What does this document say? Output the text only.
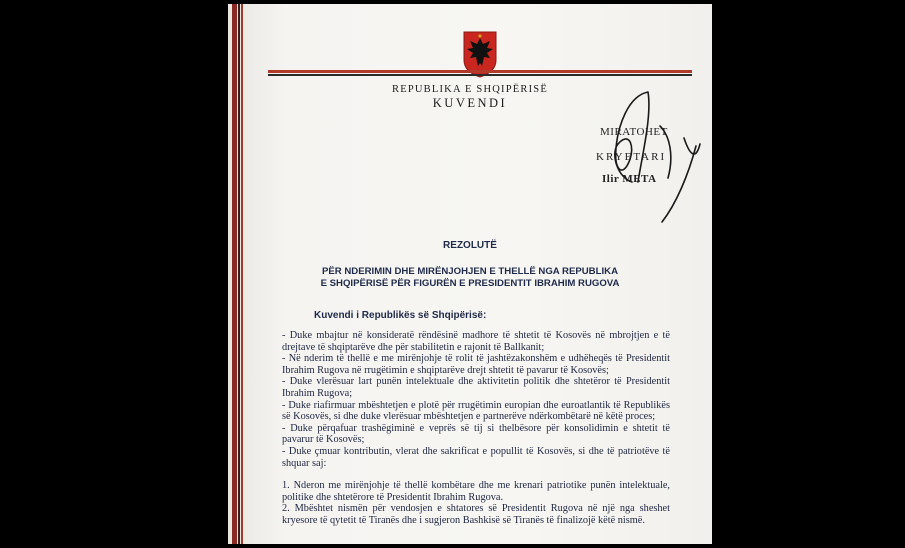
REPUBLIKA E SHQIPËRISË
KUVENDI
MIRATOHET
KRYETARI
Ilir META
REZOLUTË
PËR NDERIMIN DHE MIRËNJOHJEN E THELLË NGA REPUBLIKA
E SHQIPËRISË PËR FIGURËN E PRESIDENTIT IBRAHIM RUGOVA
Kuvendi i Republikës së Shqipërisë:

- Duke mbajtur në konsideratë rëndësinë madhore të shtetit të Kosovës në mbrojtjen e të drejtave të shqiptarëve dhe për stabilitetin e rajonit të Ballkanit;

- Në nderim të thellë e me mirënjohje të rolit të jashtëzakonshëm e udhëheqës të Presidentit Ibrahim Rugova në rrugëtimin e shqiptarëve drejt shtetit të pavarur të Kosovës;

- Duke vlerësuar lart punën intelektuale dhe aktivitetin politik dhe shtetëror të Presidentit Ibrahim Rugova;

- Duke riafirmuar mbështetjen e plotë për rrugëtimin europian dhe euroatlantik të Republikës së Kosovës, si dhe duke vlerësuar mbështetjen e partnerëve ndërkombëtarë në këtë proces;

- Duke përqafuar trashëgiminë e veprës së tij si thelbësore për konsolidimin e shtetit të pavarur të Kosovës;

- Duke çmuar kontributin, vlerat dhe sakrificat e popullit të Kosovës, si dhe të patriotëve të shquar saj:

1. Nderon me mirënjohje të thellë kombëtare dhe me krenari patriotike punën intelektuale, politike dhe shtetërore të Presidentit Ibrahim Rugova.

2. Mbështet nismën për vendosjen e shtatores së Presidentit Rugova në një nga sheshet kryesore të qytetit të Tiranës dhe i sugjeron Bashkisë së Tiranës të finalizojë këtë nismë.
